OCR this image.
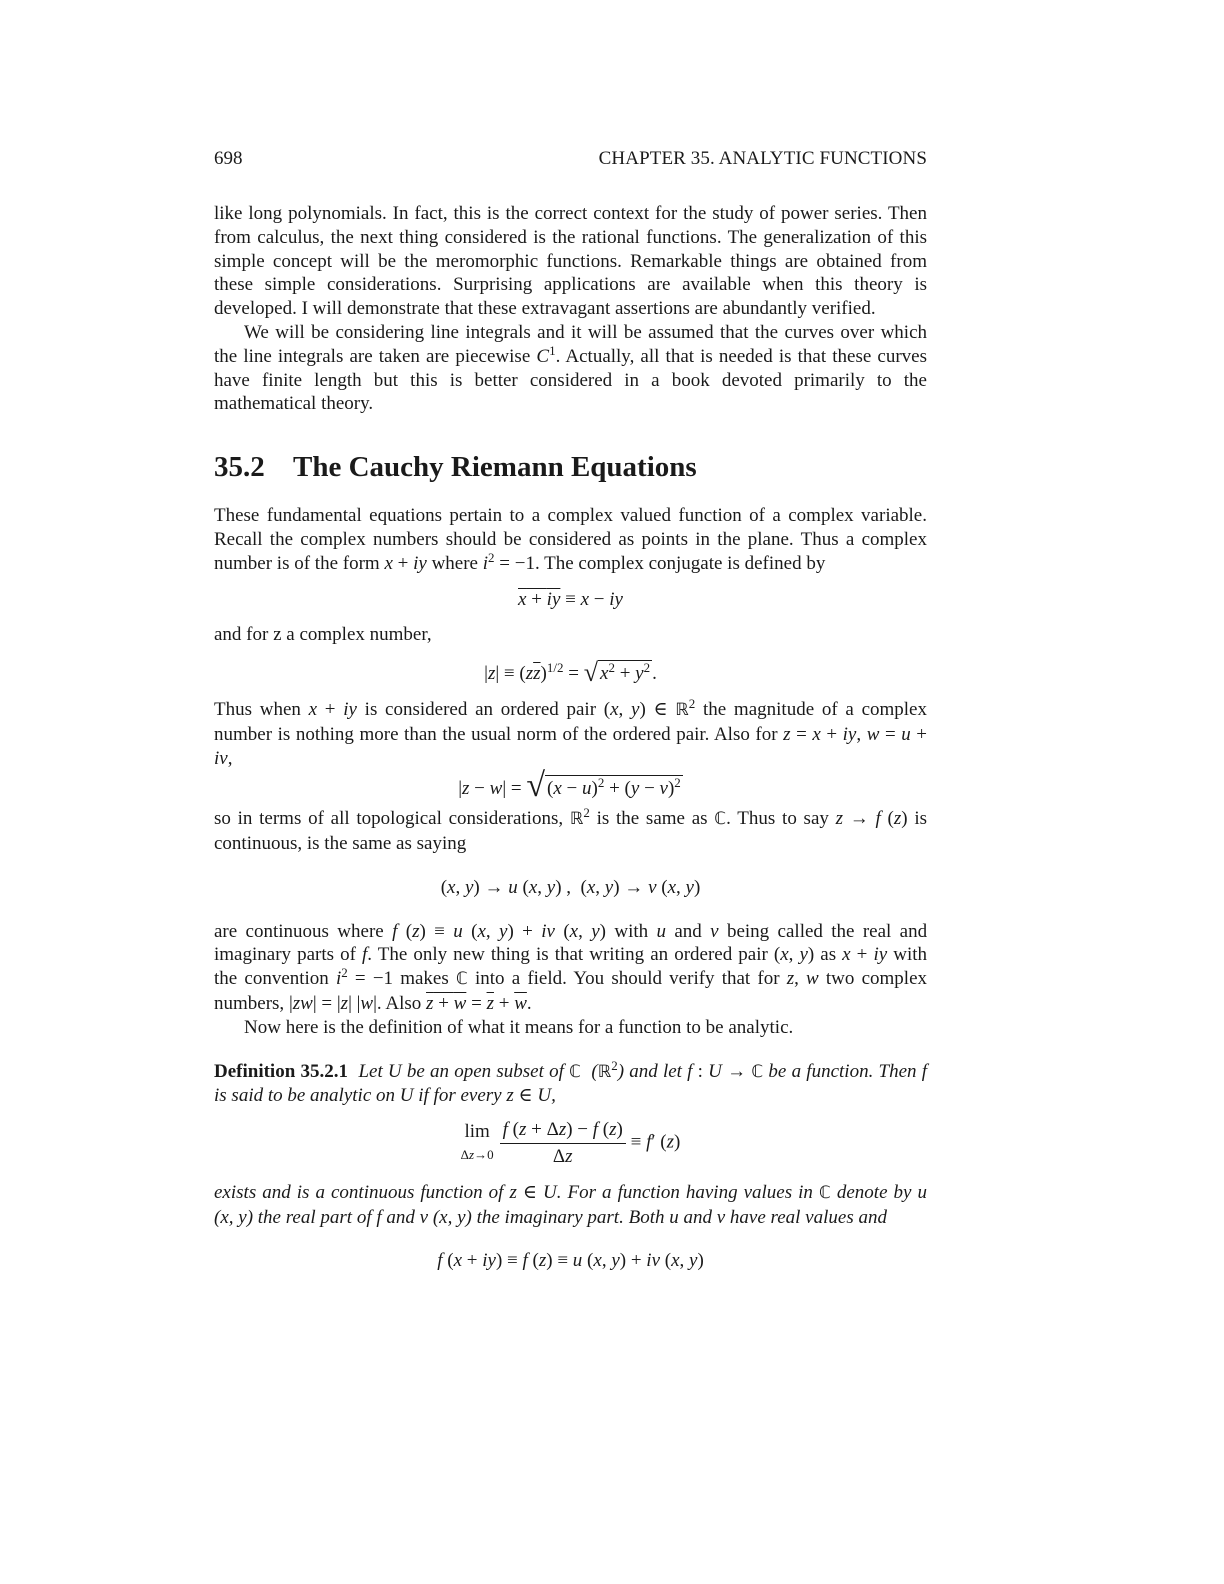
698	CHAPTER 35. ANALYTIC FUNCTIONS

like long polynomials. In fact, this is the correct context for the study of power series. Then from calculus, the next thing considered is the rational functions. The generalization of this simple concept will be the meromorphic functions. Remarkable things are obtained from these simple considerations. Surprising applications are available when this theory is developed. I will demonstrate that these extravagant assertions are abundantly verified.

We will be considering line integrals and it will be assumed that the curves over which the line integrals are taken are piecewise $C^1$. Actually, all that is needed is that these curves have finite length but this is better considered in a book devoted primarily to the mathematical theory.

35.2 The Cauchy Riemann Equations

These fundamental equations pertain to a complex valued function of a complex variable. Recall the complex numbers should be considered as points in the plane. Thus a complex number is of the form x + iy where $i^2 = -1$. The complex conjugate is defined by

x + iy ≡ x − iy

and for z a complex number,

$|z| \equiv (z\overline{z})^{1/2}$ = √ $x^2 + y^2$ .

Thus when x + iy is considered an ordered pair (x, y) ∈ ℝ$^2$ the magnitude of a complex number is nothing more than the usual norm of the ordered pair. Also for z = x + iy, w = u + iv,

|z − w| = √ $(x - u)^2 + (y - v)^2$

so in terms of all topological considerations, ℝ$^2$ is the same as ℂ. Thus to say z → f (z) is continuous, is the same as saying

(x, y) → u (x, y) ,  (x, y) → v (x, y)

are continuous where f (z) ≡ u (x, y) + iv (x, y) with u and v being called the real and imaginary parts of f. The only new thing is that writing an ordered pair (x, y) as x + iy with the convention $i^2 = -1$ makes ℂ into a field. You should verify that for z, w two complex numbers, |zw| = |z| |w|. Also $z + w = \overline{z} + \overline{w}$.

Now here is the definition of what it means for a function to be analytic.

Definition 35.2.1 Let U be an open subset of ℂ  (ℝ$^2$) and let f : U → ℂ be a function. Then f is said to be analytic on U if for every z ∈ U,

lim
$\Delta z\to 0 \frac{f (z + \Delta z) - f (z)}{\Delta z} \equiv f'$ (z)

exists and is a continuous function of z ∈ U. For a function having values in ℂ denote by u (x, y) the real part of f and v (x, y) the imaginary part. Both u and v have real values and

f (x + iy) ≡ f (z) ≡ u (x, y) + iv (x, y)
